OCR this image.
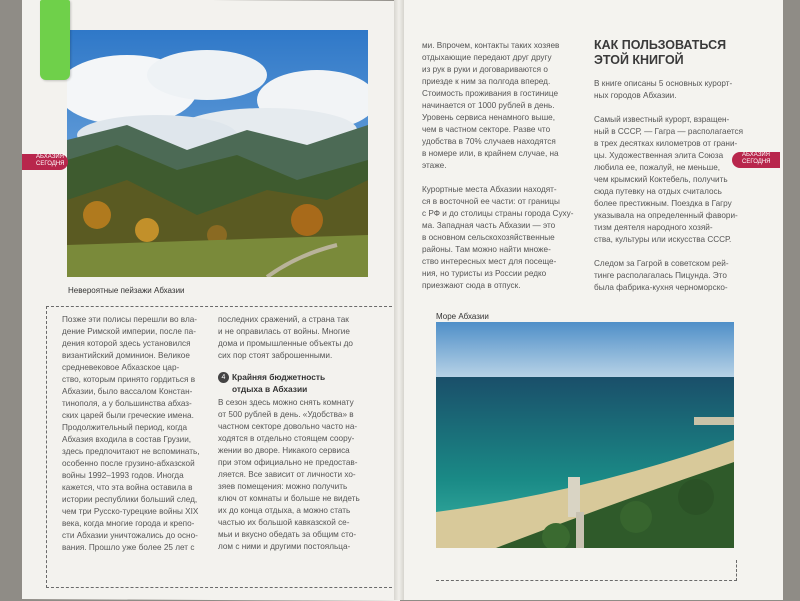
Невероятные пейзажи Абхазии
АБХАЗИЯ СЕГОДНЯ
АБХАЗИЯ СЕГОДНЯ
Позже эти полисы перешли во вла-
дение Римской империи, после па-
дения которой здесь установился
византийский доминион. Великое
средневековое Абхазское цар-
ство, которым принято гордиться в
Абхазии, было вассалом Констан-
тинополя, а у большинства абхаз-
ских царей были греческие имена.
Продолжительный период, когда
Абхазия входила в состав Грузии,
здесь предпочитают не вспоминать,
особенно после грузино-абхазской
войны 1992–1993 годов. Иногда
кажется, что эта война оставила в
истории республики больший след,
чем три Русско-турецкие войны XIX
века, когда многие города и крепо-
сти Абхазии уничтожались до осно-
вания. Прошло уже более 25 лет с
последних сражений, а страна так
и не оправилась от войны. Многие
дома и промышленные объекты до
сих пор стоят заброшенными.
4 Крайняя бюджетность
отдыха в Абхазии
В сезон здесь можно снять комнату
от 500 рублей в день. «Удобства» в
частном секторе довольно часто на-
ходятся в отдельно стоящем соору-
жении во дворе. Никакого сервиса
при этом официально не предостав-
ляется. Все зависит от личности хо-
зяев помещения: можно получить
ключ от комнаты и больше не видеть
их до конца отдыха, а можно стать
частью их большой кавказской се-
мьи и вкусно обедать за общим сто-
лом с ними и другими постояльца-
ми. Впрочем, контакты таких хозяев
отдыхающие передают друг другу
из рук в руки и договариваются о
приезде к ним за полгода вперед.
Стоимость проживания в гостинице
начинается от 1000 рублей в день.
Уровень сервиса ненамного выше,
чем в частном секторе. Разве что
удобства в 70% случаев находятся
в номере или, в крайнем случае, на
этаже.

Курортные места Абхазии находят-
ся в восточной ее части: от границы
с РФ и до столицы страны города Суху-
ма. Западная часть Абхазии — это
в основном сельскохозяйственные
районы. Там можно найти множе-
ство интересных мест для посеще-
ния, но туристы из России редко
приезжают сюда в отпуск.
КАК ПОЛЬЗОВАТЬСЯ
ЭТОЙ КНИГОЙ
В книге описаны 5 основных курорт-
ных городов Абхазии.

Самый известный курорт, взращен-
ный в СССР, — Гагра — располагается
в трех десятках километров от грани-
цы. Художественная элита Союза
любила ее, пожалуй, не меньше,
чем крымский Коктебель, получить
сюда путевку на отдых считалось
более престижным. Поездка в Гагру
указывала на определенный фавори-
тизм деятеля народного хозяй-
ства, культуры или искусства СССР.

Следом за Гагрой в советском рей-
тинге располагалась Пицунда. Это
была фабрика-кухня черноморско-
Море Абхазии
